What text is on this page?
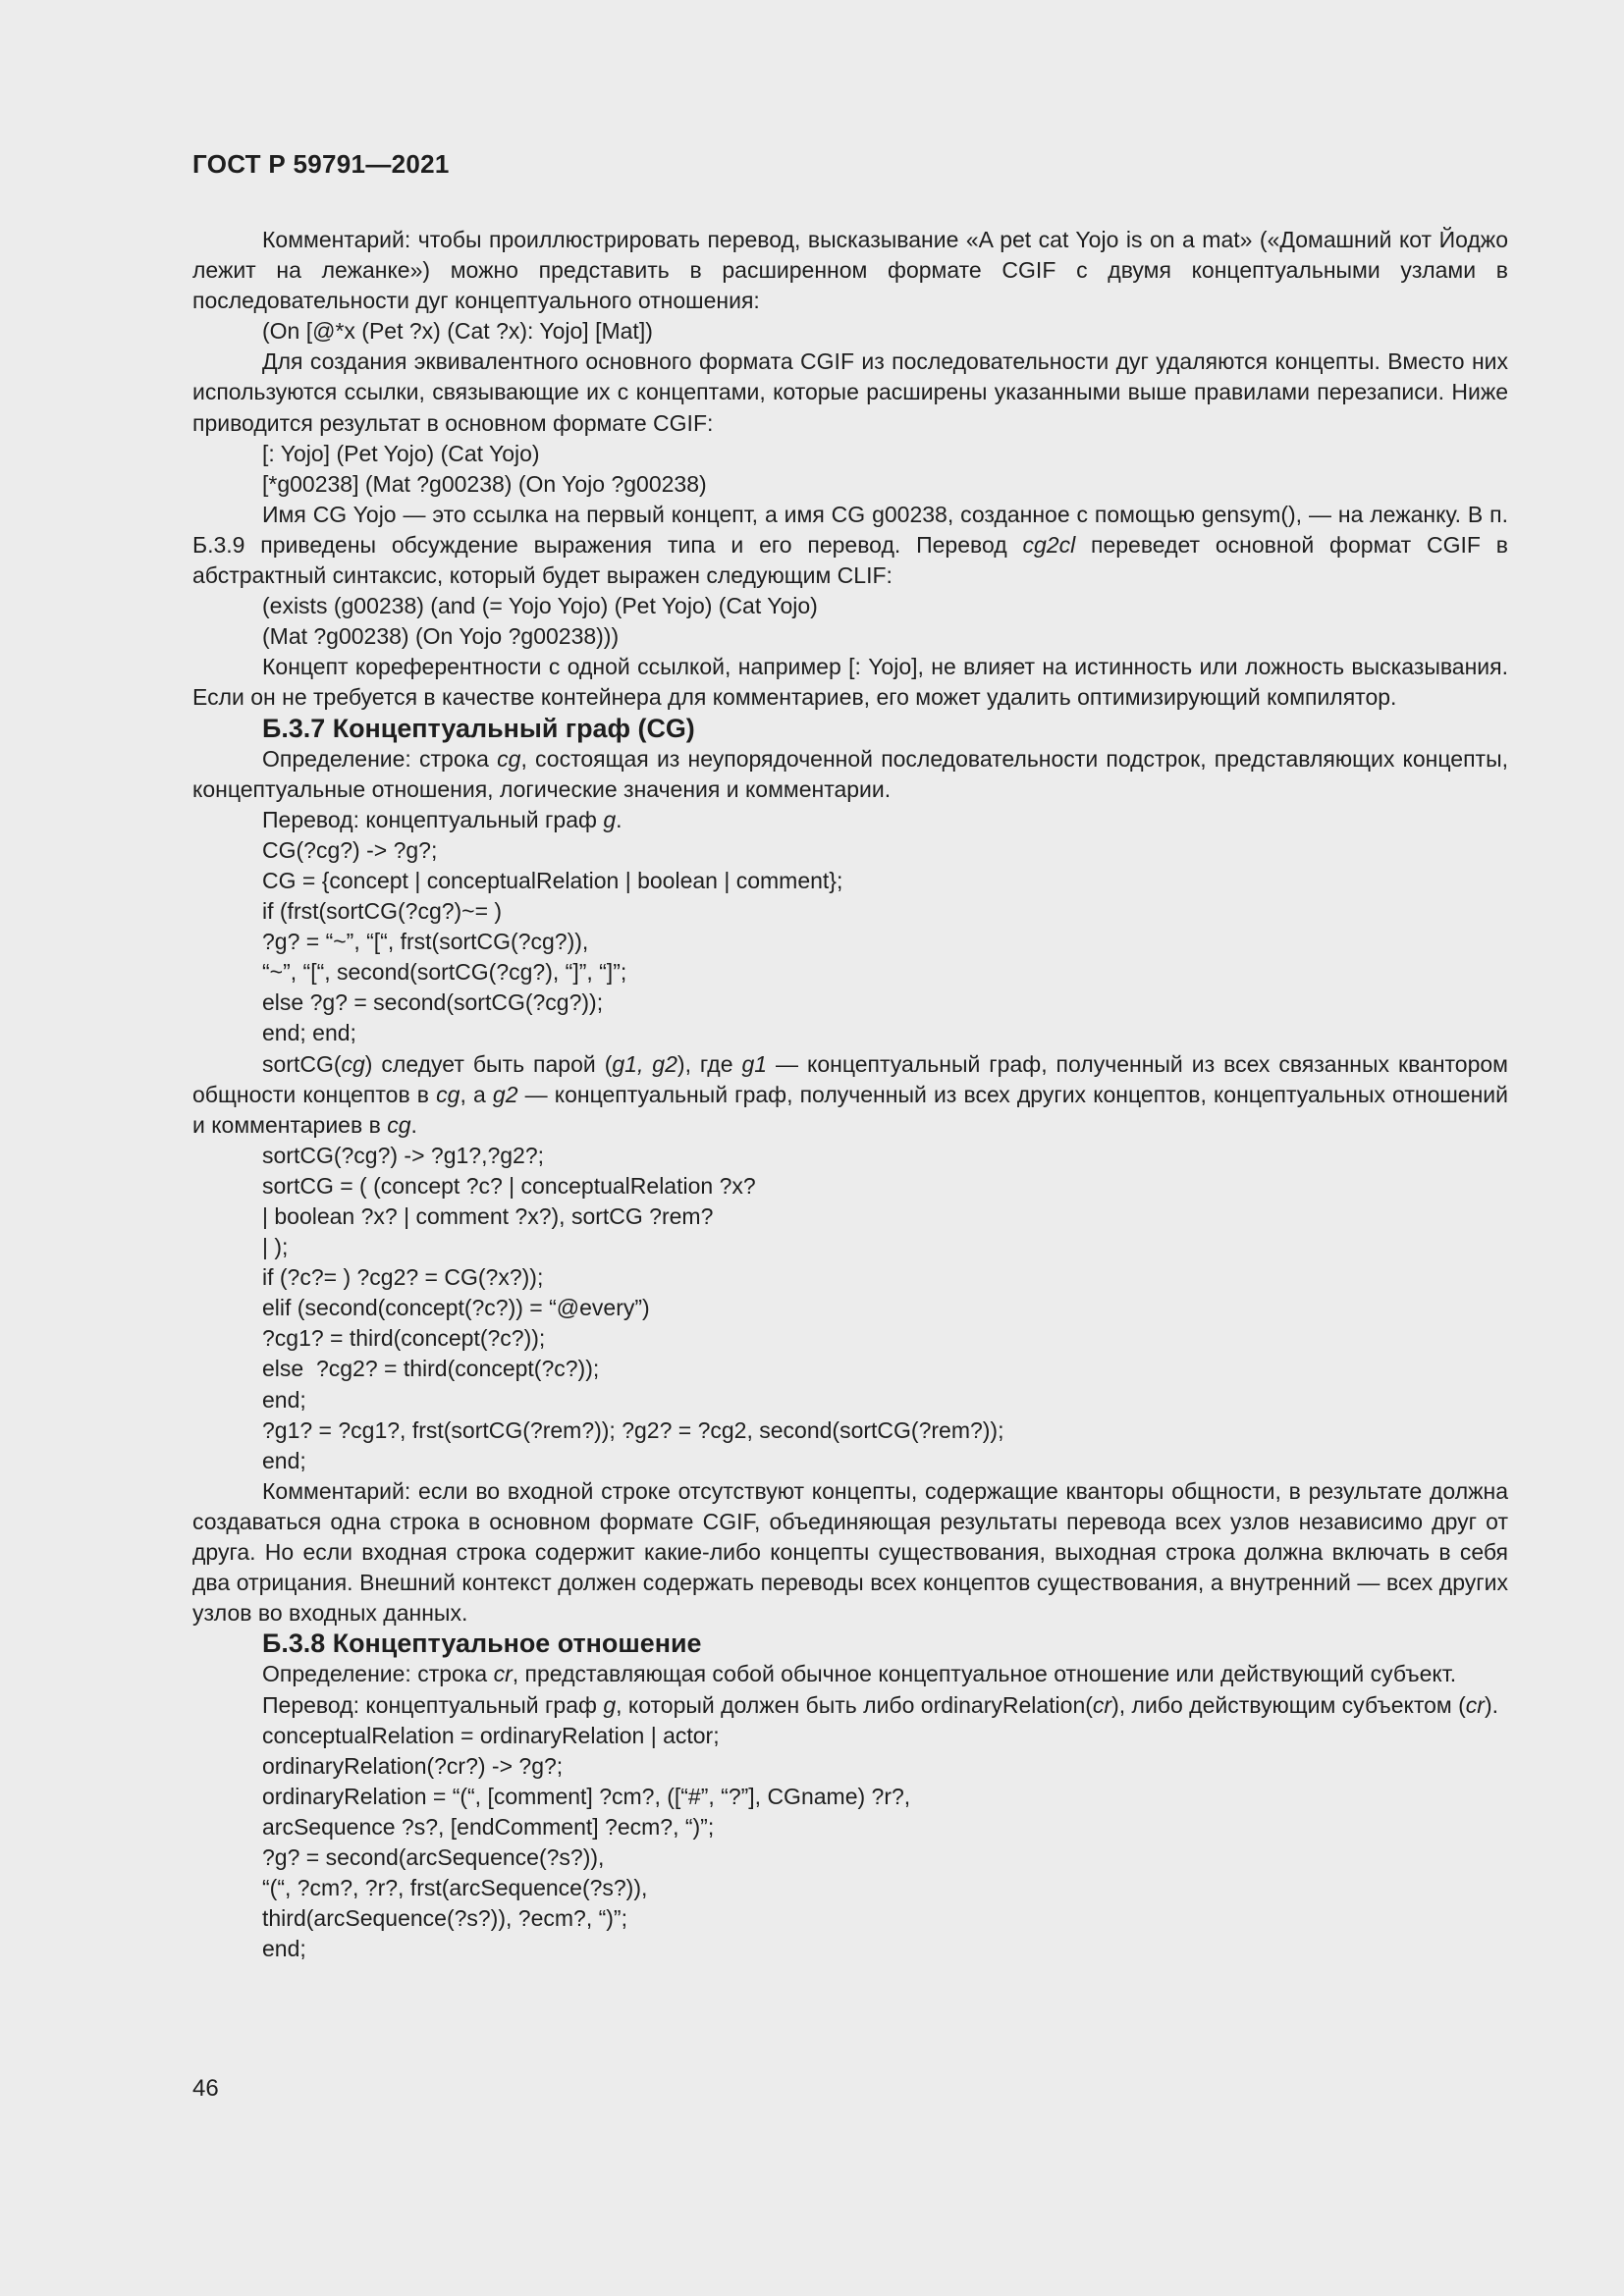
ГОСТ Р 59791—2021

Комментарий: чтобы проиллюстрировать перевод, высказывание «A pet cat Yojo is on a mat» («Домашний кот Йоджо лежит на лежанке») можно представить в расширенном формате CGIF с двумя концептуальными узлами в последовательности дуг концептуального отношения:

(On [@*x (Pet ?x) (Cat ?x): Yojo] [Mat])

Для создания эквивалентного основного формата CGIF из последовательности дуг удаляются концепты. Вместо них используются ссылки, связывающие их с концептами, которые расширены указанными выше правилами перезаписи. Ниже приводится результат в основном формате CGIF:

[: Yojo] (Pet Yojo) (Cat Yojo)

[*g00238] (Mat ?g00238) (On Yojo ?g00238)

Имя CG Yojo — это ссылка на первый концепт, а имя CG g00238, созданное с помощью gensym(), — на лежанку. В п. Б.3.9 приведены обсуждение выражения типа и его перевод. Перевод cg2cl переведет основной формат CGIF в абстрактный синтаксис, который будет выражен следующим CLIF:

(exists (g00238) (and (= Yojo Yojo) (Pet Yojo) (Cat Yojo)

(Mat ?g00238) (On Yojo ?g00238)))

Концепт кореферентности с одной ссылкой, например [: Yojo], не влияет на истинность или ложность высказывания. Если он не требуется в качестве контейнера для комментариев, его может удалить оптимизирующий компилятор.

Б.3.7 Концептуальный граф (CG)

Определение: строка cg, состоящая из неупорядоченной последовательности подстрок, представляющих концепты, концептуальные отношения, логические значения и комментарии.

Перевод: концептуальный граф g.

CG(?cg?) -> ?g?;

CG = {concept | conceptualRelation | boolean | comment};

if (frst(sortCG(?cg?)~= )

?g? = “~”, “[“, frst(sortCG(?cg?)),

“~”, “[“, second(sortCG(?cg?), “]”, “]”;

else ?g? = second(sortCG(?cg?));

end; end;

sortCG(cg) следует быть парой (g1, g2), где g1 — концептуальный граф, полученный из всех связанных квантором общности концептов в cg, а g2 — концептуальный граф, полученный из всех других концептов, концептуальных отношений и комментариев в cg.

sortCG(?cg?) -> ?g1?,?g2?;

sortCG = ( (concept ?c? | conceptualRelation ?x?

| boolean ?x? | comment ?x?), sortCG ?rem?

| );

if (?c?= ) ?cg2? = CG(?x?));

elif (second(concept(?c?)) = “@every”)

?cg1? = third(concept(?c?));

else  ?cg2? = third(concept(?c?));

end;

?g1? = ?cg1?, frst(sortCG(?rem?)); ?g2? = ?cg2, second(sortCG(?rem?));

end;

Комментарий: если во входной строке отсутствуют концепты, содержащие кванторы общности, в результате должна создаваться одна строка в основном формате CGIF, объединяющая результаты перевода всех узлов независимо друг от друга. Но если входная строка содержит какие-либо концепты существования, выходная строка должна включать в себя два отрицания. Внешний контекст должен содержать переводы всех концептов существования, а внутренний — всех других узлов во входных данных.

Б.3.8 Концептуальное отношение

Определение: строка cr, представляющая собой обычное концептуальное отношение или действующий субъект.

Перевод: концептуальный граф g, который должен быть либо ordinaryRelation(cr), либо действующим субъектом (cr).

conceptualRelation = ordinaryRelation | actor;

ordinaryRelation(?cr?) -> ?g?;

ordinaryRelation = “(“, [comment] ?cm?, ([“#”, “?”], CGname) ?r?,

arcSequence ?s?, [endComment] ?ecm?, “)”;

?g? = second(arcSequence(?s?)),

“(“, ?cm?, ?r?, frst(arcSequence(?s?)),

third(arcSequence(?s?)), ?ecm?, “)”;

end;

46
